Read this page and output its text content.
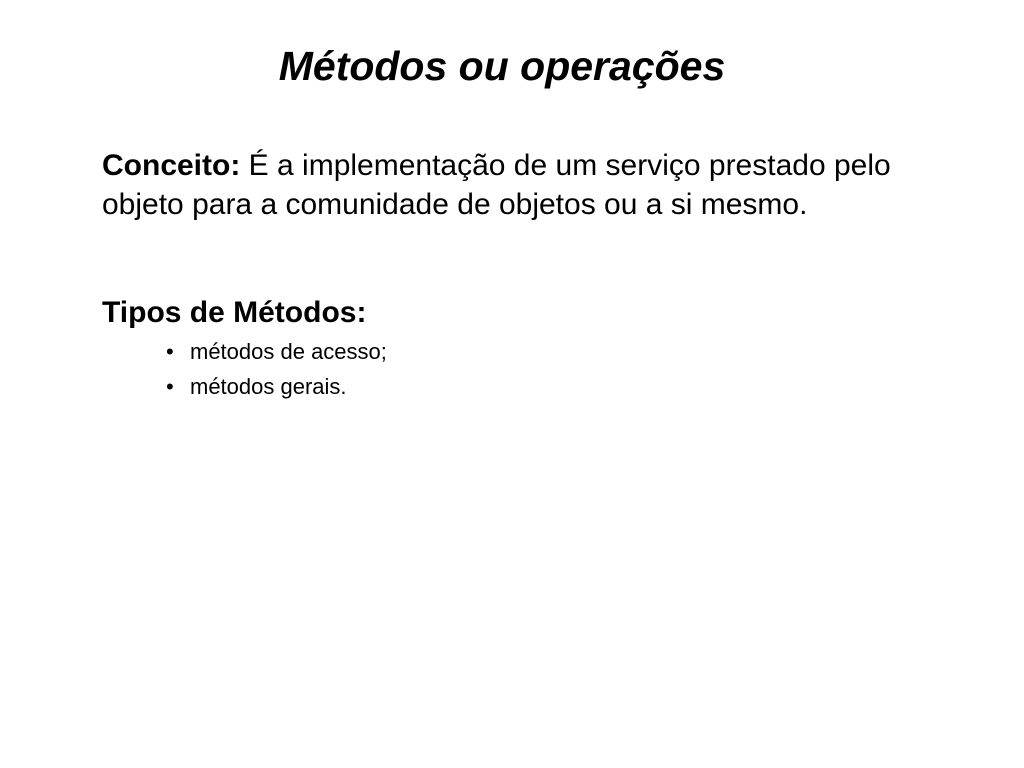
Métodos ou operações

Conceito: É a implementação de um serviço prestado pelo objeto para a comunidade de objetos ou a si mesmo.

Tipos de Métodos:
• métodos de acesso;
• métodos gerais.
